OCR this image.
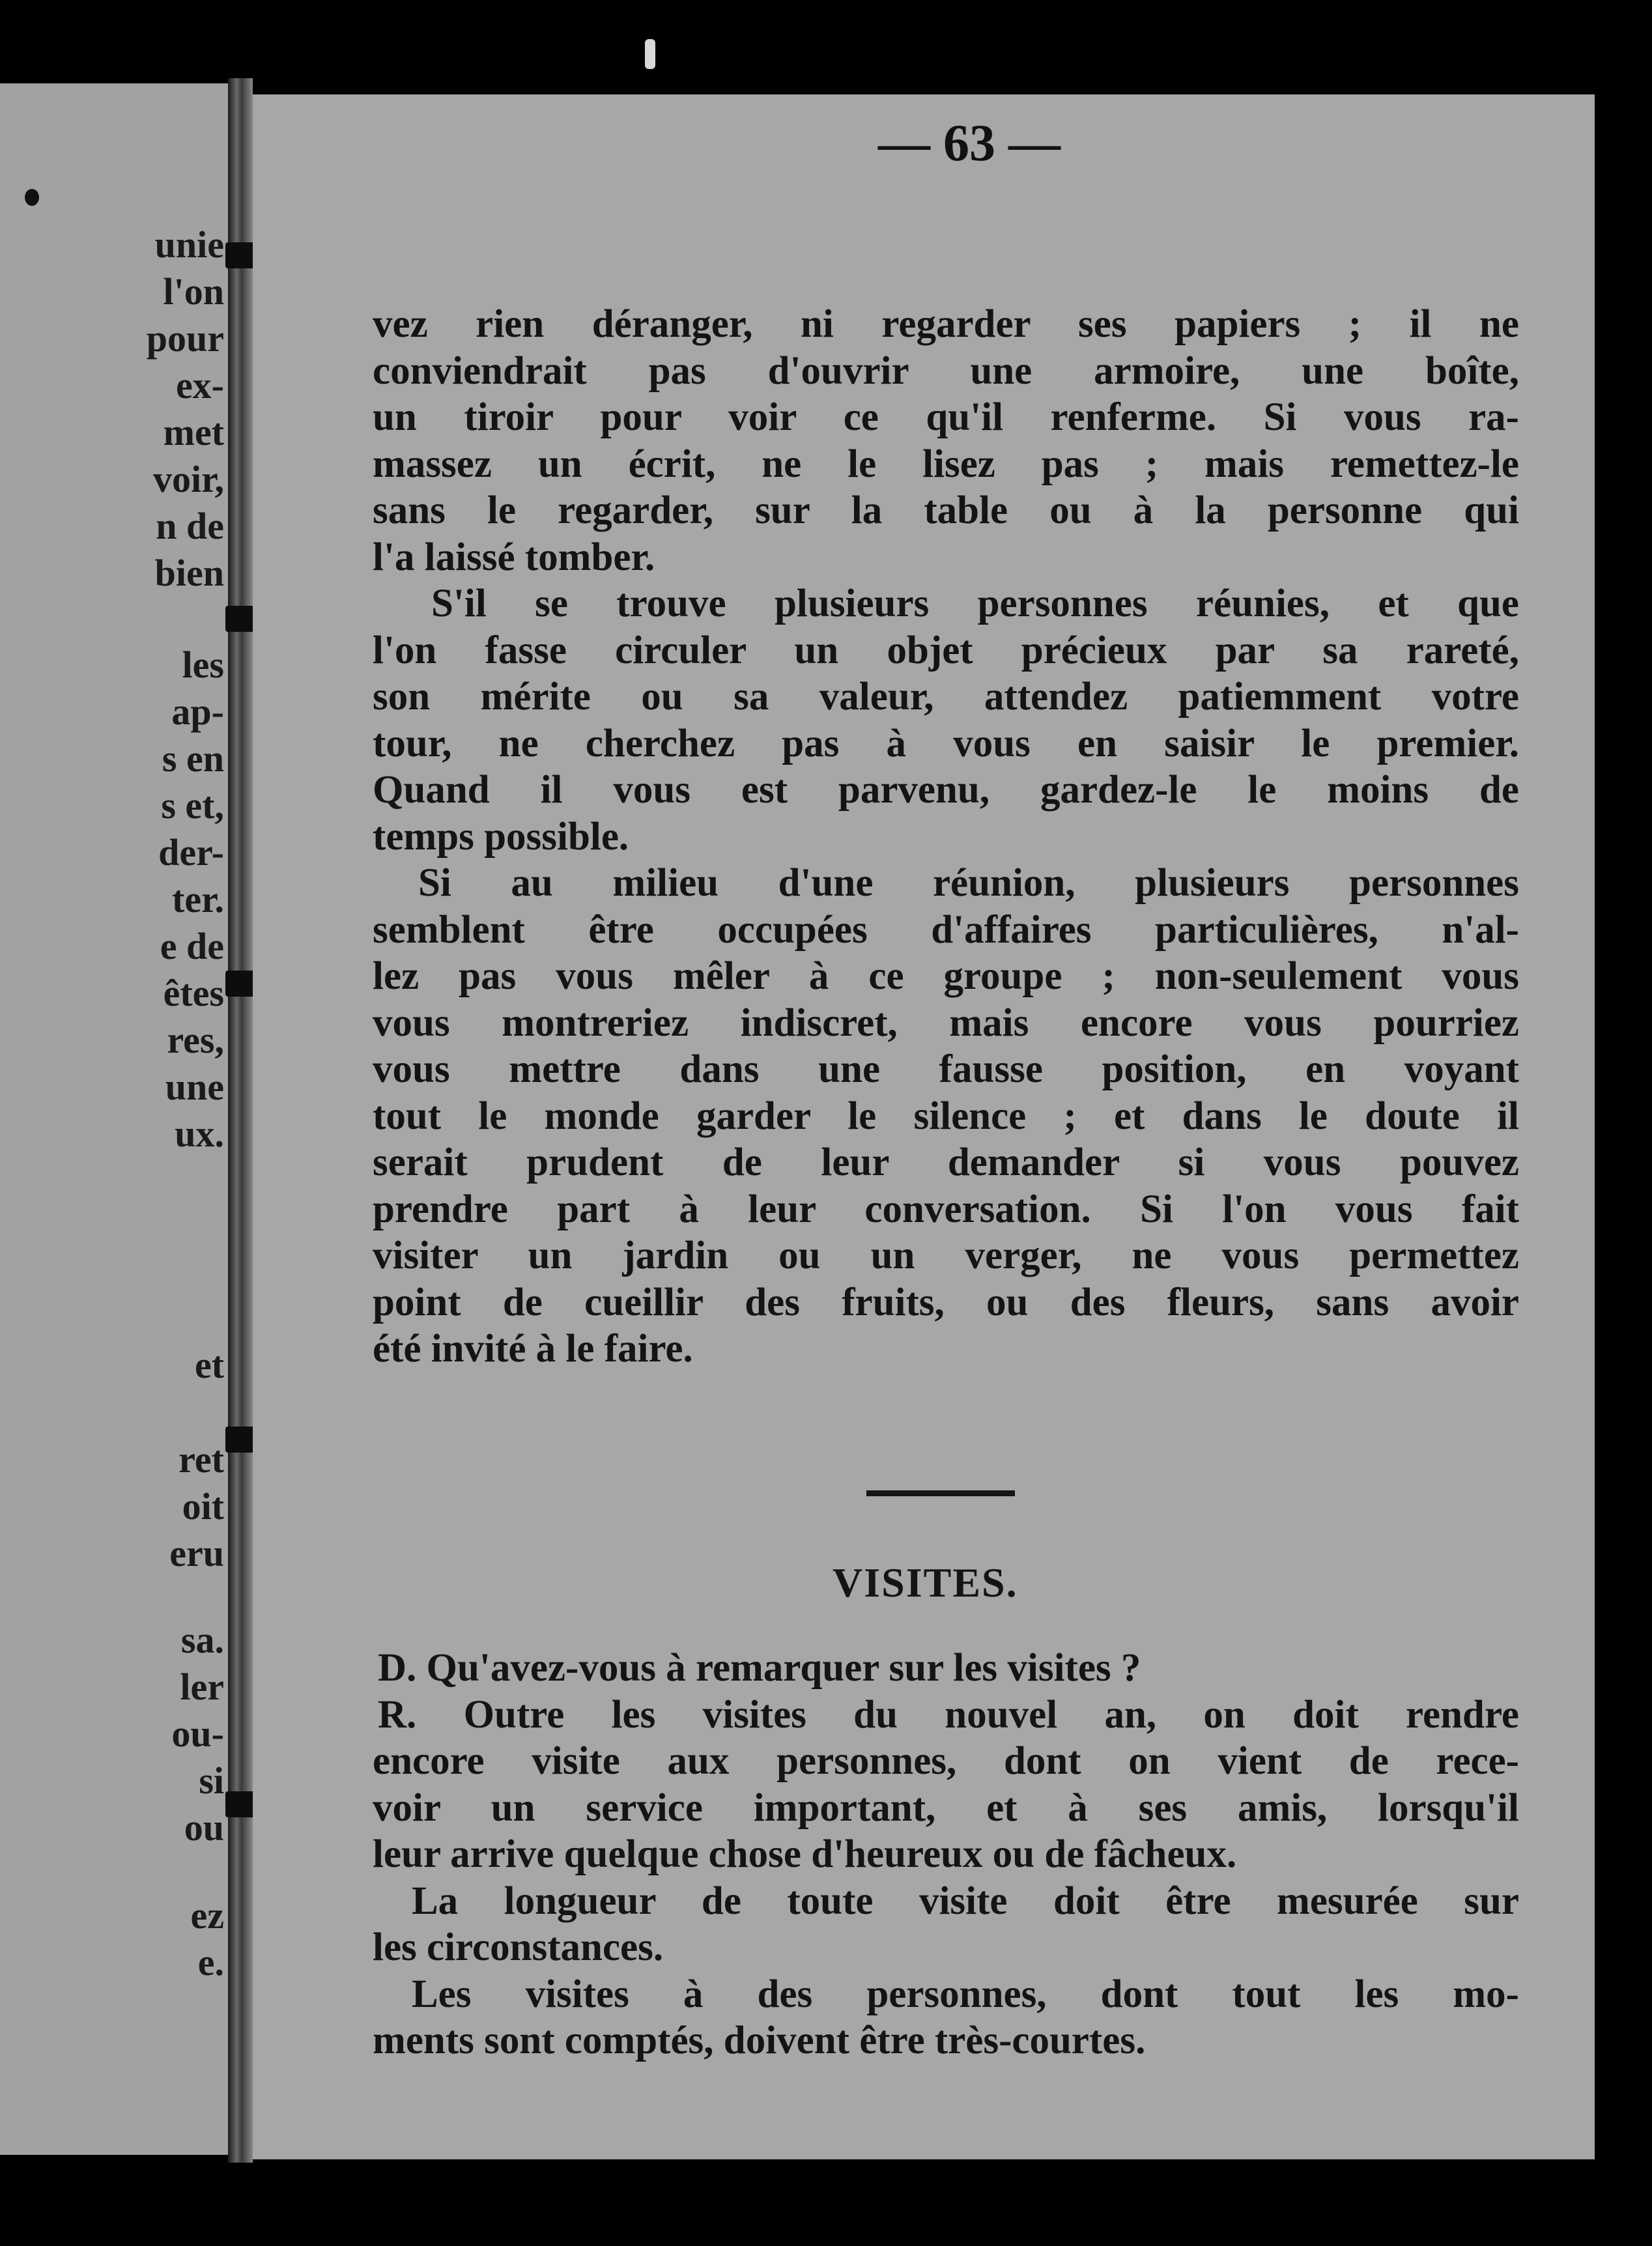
unie
l'on
pour
ex-
met
voir,
n de
bien
les
ap-
s en
s et,
der-
ter.
e de
êtes
res,
une
ux.
et
ret
oit
eru
sa.
ler
ou-
si
ou
ez
e.
— 63 —
vez rien déranger, ni regarder ses papiers ; il ne
conviendrait pas d'ouvrir une armoire, une boîte,
un tiroir pour voir ce qu'il renferme. Si vous ra-
massez un écrit, ne le lisez pas ; mais remettez-le
sans le regarder, sur la table ou à la personne qui
l'a laissé tomber.
S'il se trouve plusieurs personnes réunies, et que
l'on fasse circuler un objet précieux par sa rareté,
son mérite ou sa valeur, attendez patiemment votre
tour, ne cherchez pas à vous en saisir le premier.
Quand il vous est parvenu, gardez-le le moins de
temps possible.
Si au milieu d'une réunion, plusieurs personnes
semblent être occupées d'affaires particulières, n'al-
lez pas vous mêler à ce groupe ; non-seulement vous
vous montreriez indiscret, mais encore vous pourriez
vous mettre dans une fausse position, en voyant
tout le monde garder le silence ; et dans le doute il
serait prudent de leur demander si vous pouvez
prendre part à leur conversation. Si l'on vous fait
visiter un jardin ou un verger, ne vous permettez
point de cueillir des fruits, ou des fleurs, sans avoir
été invité à le faire.
VISITES.
D. Qu'avez-vous à remarquer sur les visites ?
R. Outre les visites du nouvel an, on doit rendre
encore visite aux personnes, dont on vient de rece-
voir un service important, et à ses amis, lorsqu'il
leur arrive quelque chose d'heureux ou de fâcheux.
La longueur de toute visite doit être mesurée sur
les circonstances.
Les visites à des personnes, dont tout les mo-
ments sont comptés, doivent être très-courtes.
